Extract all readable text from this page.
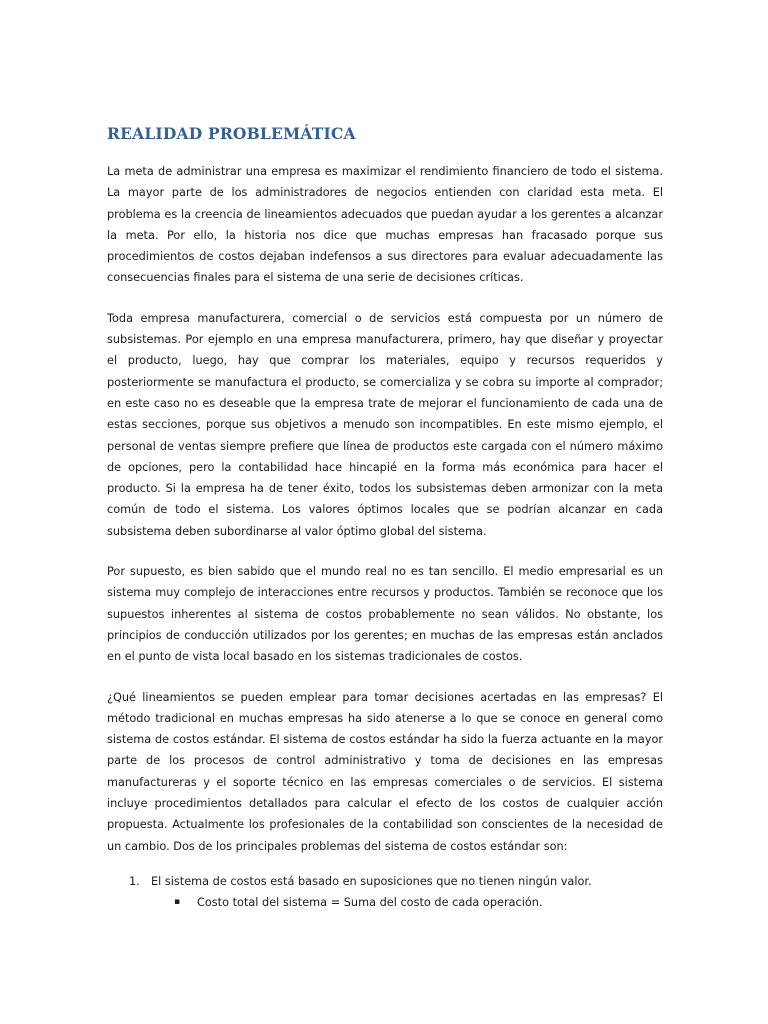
REALIDAD PROBLEMÁTICA

La meta de administrar una empresa es maximizar el rendimiento financiero de todo el sistema. La mayor parte de los administradores de negocios entienden con claridad esta meta. El problema es la creencia de lineamientos adecuados que puedan ayudar a los gerentes a alcanzar la meta. Por ello, la historia nos dice que muchas empresas han fracasado porque sus procedimientos de costos dejaban indefensos a sus directores para evaluar adecuadamente las consecuencias finales para el sistema de una serie de decisiones críticas.

Toda empresa manufacturera, comercial o de servicios está compuesta por un número de subsistemas. Por ejemplo en una empresa manufacturera, primero, hay que diseñar y proyectar el producto, luego, hay que comprar los materiales, equipo y recursos requeridos y posteriormente se manufactura el producto, se comercializa y se cobra su importe al comprador; en este caso no es deseable que la empresa trate de mejorar el funcionamiento de cada una de estas secciones, porque sus objetivos a menudo son incompatibles. En este mismo ejemplo, el personal de ventas siempre prefiere que línea de productos este cargada con el número máximo de opciones, pero la contabilidad hace hincapié en la forma más económica para hacer el producto. Si la empresa ha de tener éxito, todos los subsistemas deben armonizar con la meta común de todo el sistema. Los valores óptimos locales que se podrían alcanzar en cada subsistema deben subordinarse al valor óptimo global del sistema.

Por supuesto, es bien sabido que el mundo real no es tan sencillo. El medio empresarial es un sistema muy complejo de interacciones entre recursos y productos. También se reconoce que los supuestos inherentes al sistema de costos probablemente no sean válidos. No obstante, los principios de conducción utilizados por los gerentes; en muchas de las empresas están anclados en el punto de vista local basado en los sistemas tradicionales de costos.

¿Qué lineamientos se pueden emplear para tomar decisiones acertadas en las empresas? El método tradicional en muchas empresas ha sido atenerse a lo que se conoce en general como sistema de costos estándar. El sistema de costos estándar ha sido la fuerza actuante en la mayor parte de los procesos de control administrativo y toma de decisiones en las empresas manufactureras y el soporte técnico en las empresas comerciales o de servicios. El sistema incluye procedimientos detallados para calcular el efecto de los costos de cualquier acción propuesta. Actualmente los profesionales de la contabilidad son conscientes de la necesidad de un cambio. Dos de los principales problemas del sistema de costos estándar son:

1. El sistema de costos está basado en suposiciones que no tienen ningún valor.
▪ Costo total del sistema = Suma del costo de cada operación.
